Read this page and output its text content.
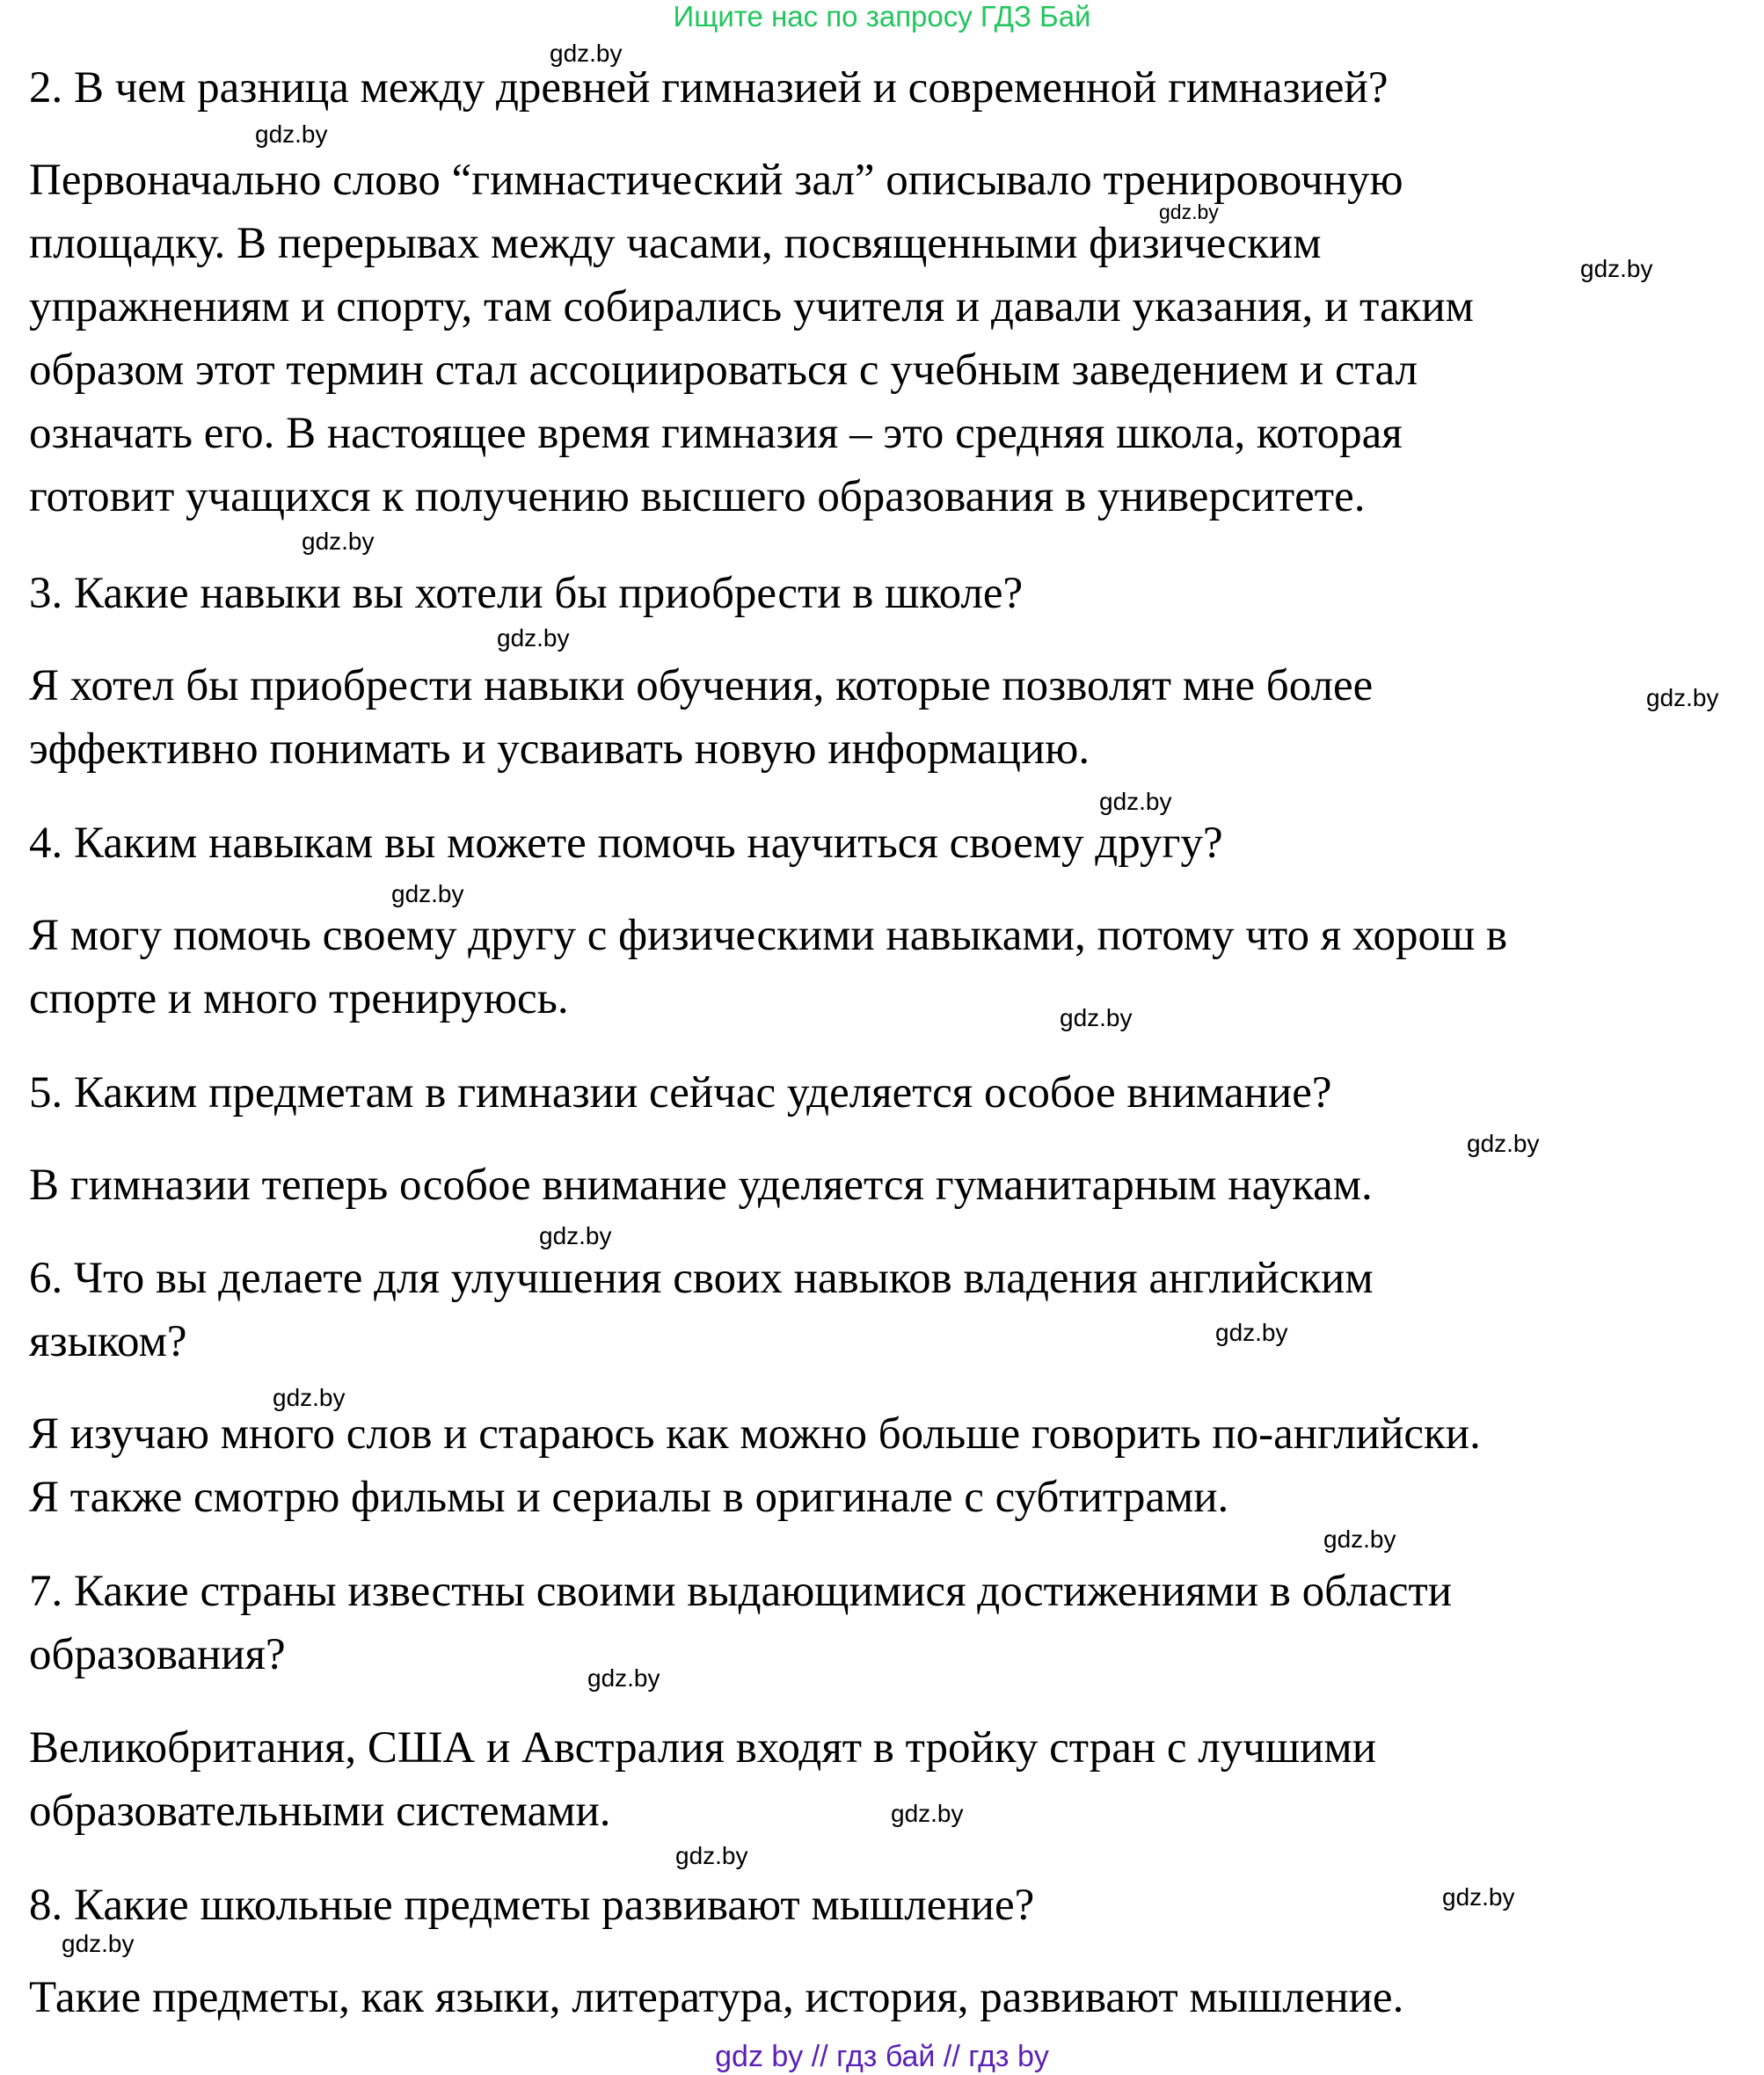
Ищите нас по запросу ГДЗ Бай

2. В чем разница между древней гимназией и современной гимназией?

Первоначально слово “гимнастический зал” описывало тренировочную

площадку. В перерывах между часами, посвященными физическим

упражнениям и спорту, там собирались учителя и давали указания, и таким

образом этот термин стал ассоциироваться с учебным заведением и стал

означать его. В настоящее время гимназия – это средняя школа, которая

готовит учащихся к получению высшего образования в университете.

3. Какие навыки вы хотели бы приобрести в школе?

Я хотел бы приобрести навыки обучения, которые позволят мне более

эффективно понимать и усваивать новую информацию.

4. Каким навыкам вы можете помочь научиться своему другу?

Я могу помочь своему другу с физическими навыками, потому что я хорош в

спорте и много тренируюсь.

5. Каким предметам в гимназии сейчас уделяется особое внимание?

В гимназии теперь особое внимание уделяется гуманитарным наукам.

6. Что вы делаете для улучшения своих навыков владения английским

языком?

Я изучаю много слов и стараюсь как можно больше говорить по-английски.

Я также смотрю фильмы и сериалы в оригинале с субтитрами.

7. Какие страны известны своими выдающимися достижениями в области

образования?

Великобритания, США и Австралия входят в тройку стран с лучшими

образовательными системами.

8. Какие школьные предметы развивают мышление?

Такие предметы, как языки, литература, история, развивают мышление.

gdz.by
gdz.by
gdz.by
gdz.by
gdz.by
gdz.by
gdz.by
gdz.by
gdz.by
gdz.by
gdz.by
gdz.by
gdz.by
gdz.by
gdz.by
gdz.by
gdz.by
gdz.by
gdz.by
gdz.by
gdz by // гдз бай // гдз by
